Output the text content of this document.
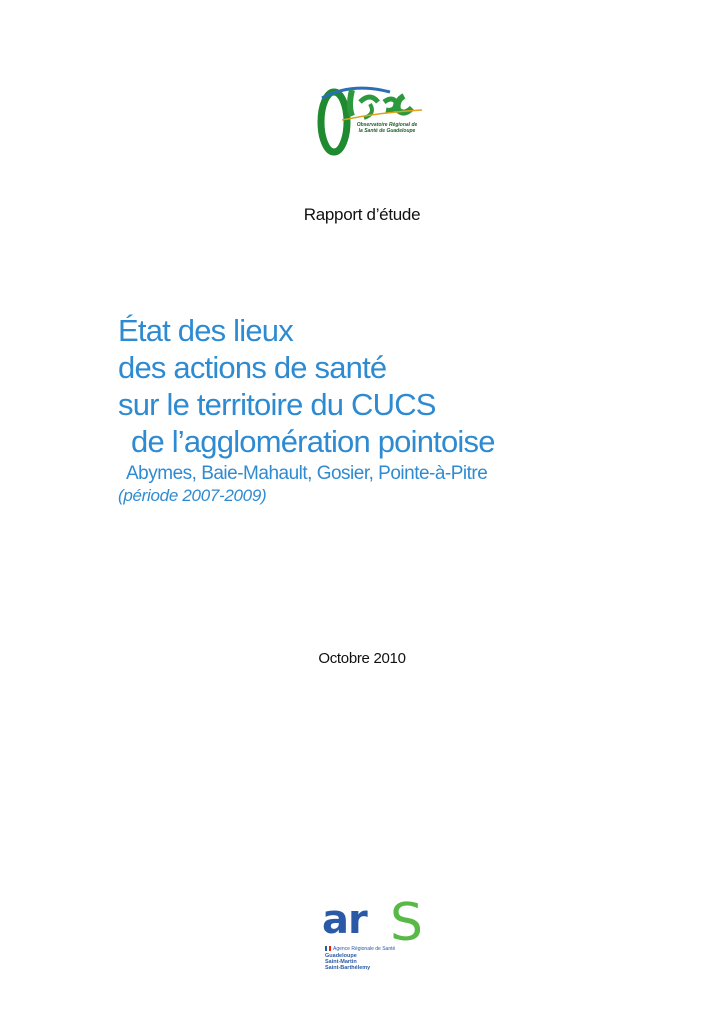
Observatoire Régional de
la Santé de Guadeloupe
Rapport d’étude
État des lieux
des actions de santé
sur le territoire du CUCS
de l’agglomération pointoise
Abymes, Baie-Mahault, Gosier, Pointe-à-Pitre
(période 2007-2009)
Octobre 2010
ar S
Agence Régionale de Santé
Guadeloupe
Saint-Martin
Saint-Barthélemy
